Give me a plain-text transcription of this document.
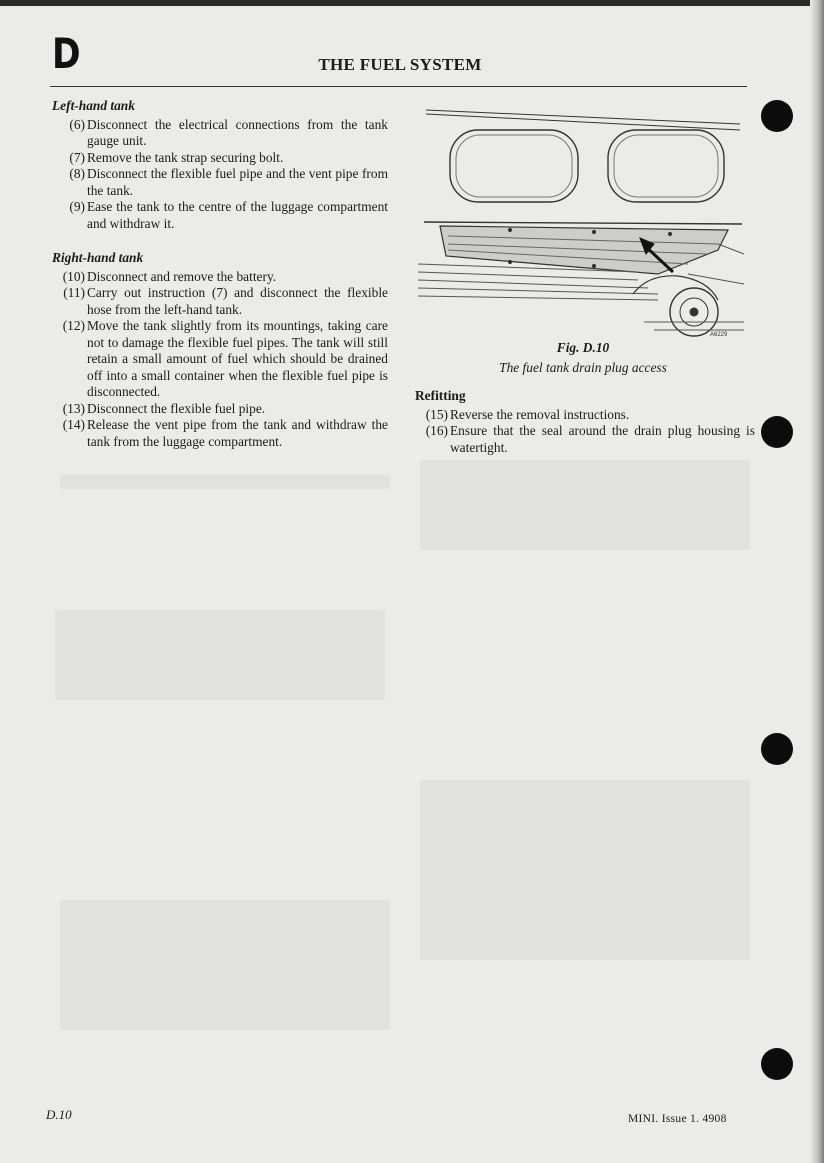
D	THE FUEL SYSTEM
Left-hand tank
(6) Disconnect the electrical connections from the tank gauge unit.
(7) Remove the tank strap securing bolt.
(8) Disconnect the flexible fuel pipe and the vent pipe from the tank.
(9) Ease the tank to the centre of the luggage compartment and withdraw it.
Right-hand tank
(10) Disconnect and remove the battery.
(11) Carry out instruction (7) and disconnect the flexible hose from the left-hand tank.
(12) Move the tank slightly from its mountings, taking care not to damage the flexible fuel pipes. The tank will still retain a small amount of fuel which should be drained off into a small container when the flexible fuel pipe is disconnected.
(13) Disconnect the flexible fuel pipe.
(14) Release the vent pipe from the tank and withdraw the tank from the luggage compartment.
A6229
Fig. D.10
The fuel tank drain plug access
Refitting
(15) Reverse the removal instructions.
(16) Ensure that the seal around the drain plug housing is watertight.
D.10	MINI. Issue 1. 4908
